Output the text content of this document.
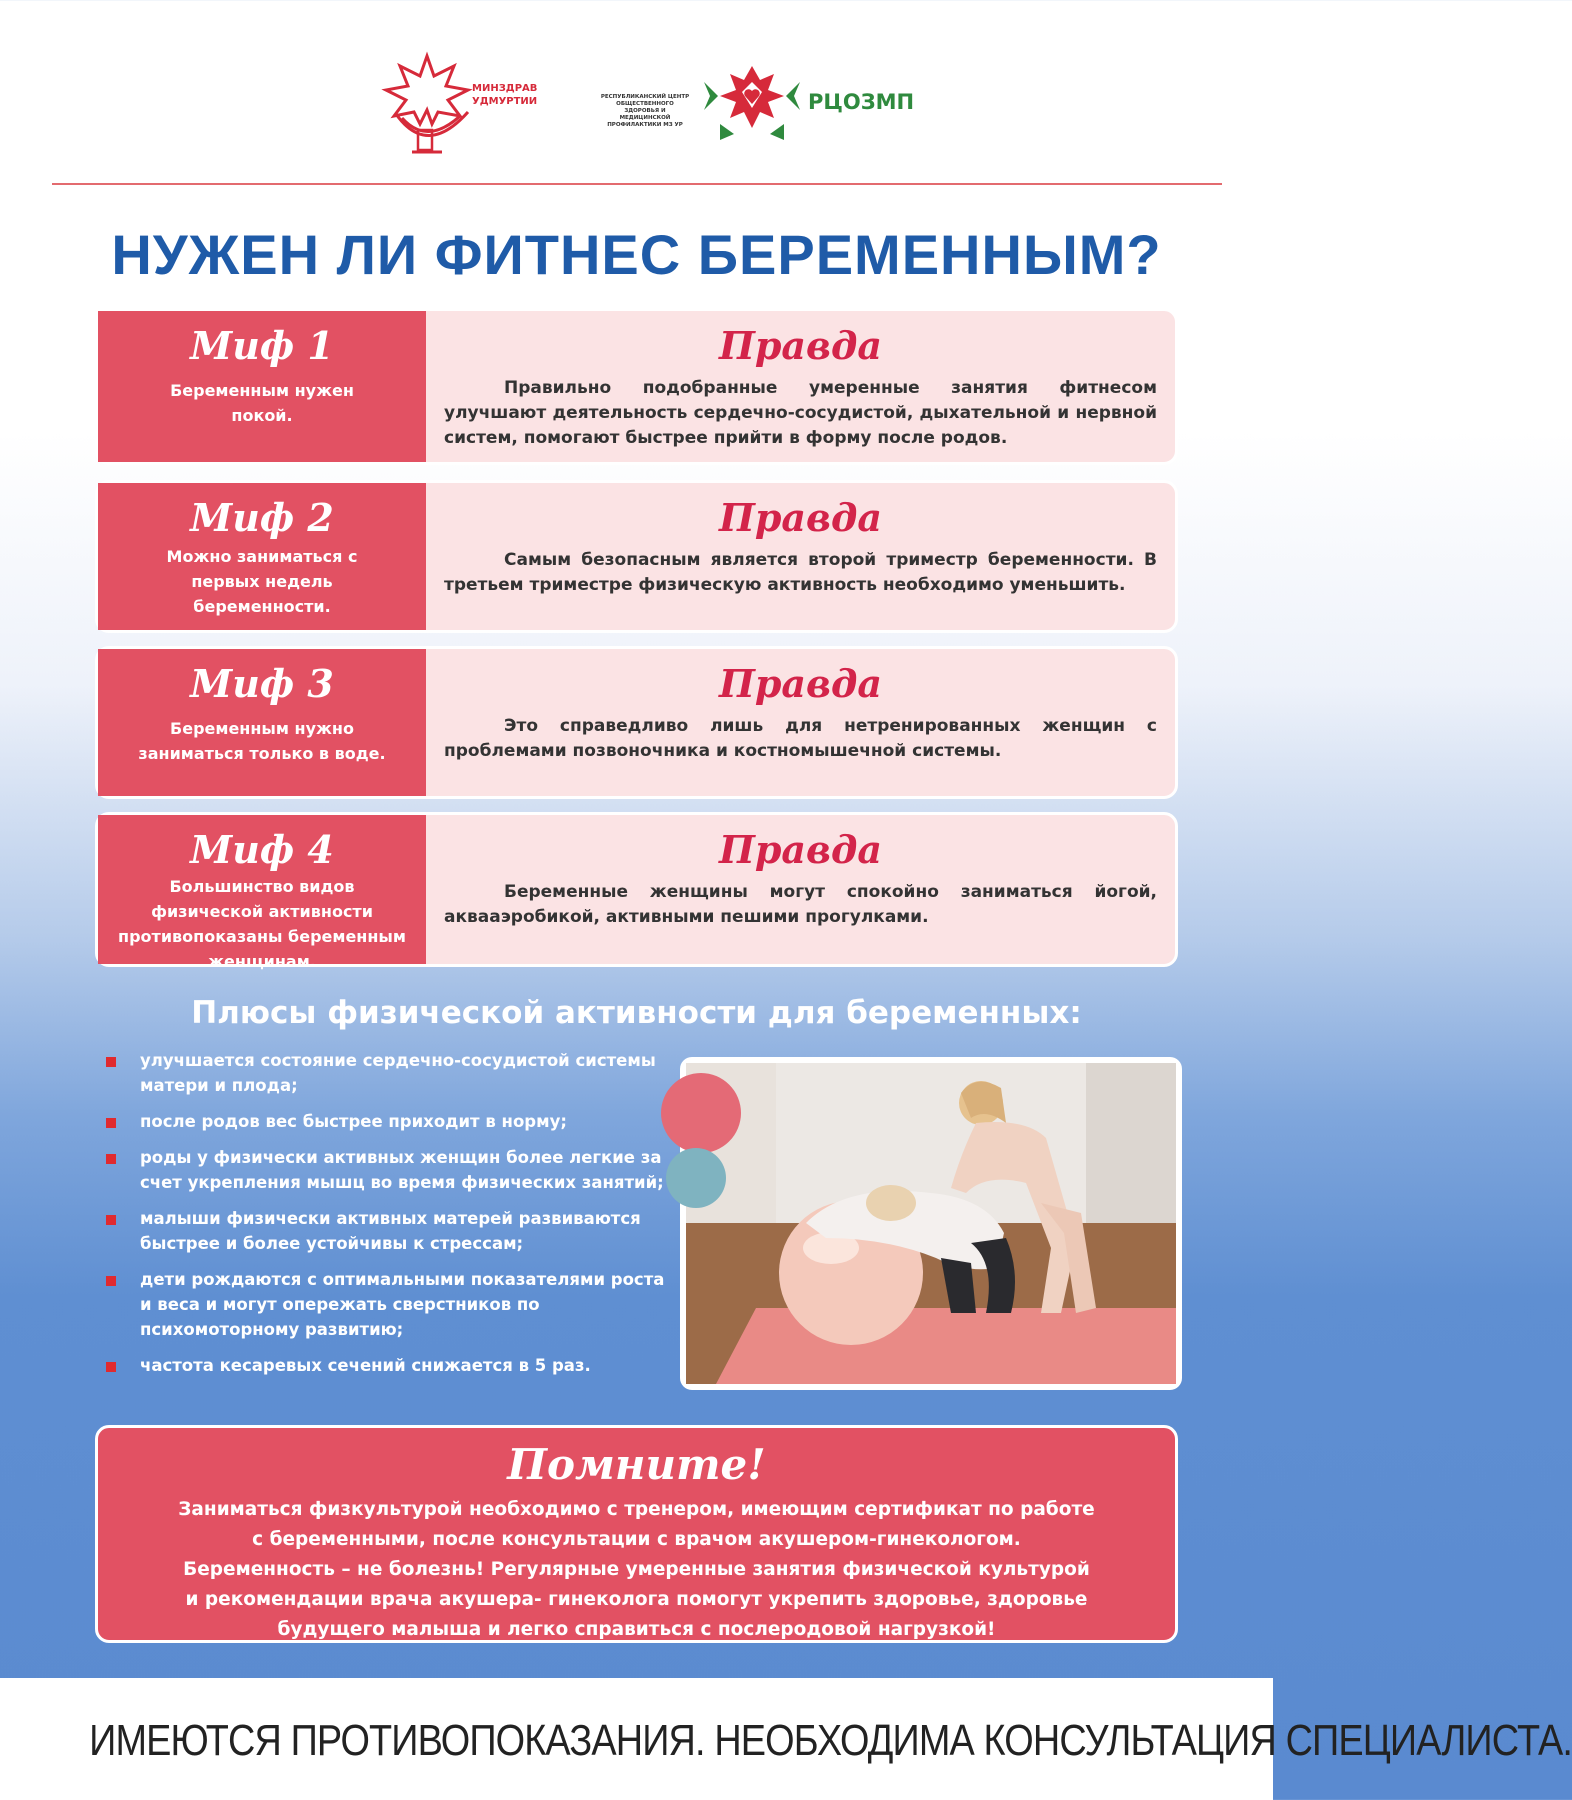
МИНЗДРАВ
УДМУРТИИ	РЕСПУБЛИКАНСКИЙ ЦЕНТР ОБЩЕСТВЕННОГО ЗДОРОВЬЯ И МЕДИЦИНСКОЙ ПРОФИЛАКТИКИ МЗ УР
РЦОЗМП
НУЖЕН ЛИ ФИТНЕС БЕРЕМЕННЫМ?
Миф 1
Беременным нужен покой.
Правда
Правильно подобранные умеренные занятия фитнесом улучшают деятельность сердечно-сосудистой, дыхательной и нервной систем, помогают быстрее прийти в форму после родов.
Миф 2
Можно заниматься с первых недель беременности.
Правда
Самым безопасным является второй триместр беременности. В третьем триместре физическую активность необходимо уменьшить.
Миф 3
Беременным нужно заниматься только в воде.
Правда
Это справедливо лишь для нетренированных женщин с проблемами позвоночника и костномышечной системы.
Миф 4
Большинство видов физической активности противопоказаны беременным женщинам.
Правда
Беременные женщины могут спокойно заниматься йогой, аквааэробикой, активными пешими прогулками.
Плюсы физической активности для беременных:
улучшается состояние сердечно-сосудистой системы матери и плода;
после родов вес быстрее приходит в норму;
роды у физически активных женщин более легкие за счет укрепления мышц во время физических занятий;
малыши физически активных матерей развиваются быстрее и более устойчивы к стрессам;
дети рождаются с оптимальными показателями роста и веса и могут опережать сверстников по психомоторному развитию;
частота кесаревых сечений снижается в 5 раз.
Помните!
Заниматься физкультурой необходимо с тренером, имеющим сертификат по работе
с беременными, после консультации с врачом акушером-гинекологом.
Беременность – не болезнь! Регулярные умеренные занятия физической культурой
и рекомендации врача акушера- гинеколога помогут укрепить здоровье, здоровье
будущего малыша и легко справиться с послеродовой нагрузкой!
ИМЕЮТСЯ ПРОТИВОПОКАЗАНИЯ. НЕОБХОДИМА КОНСУЛЬТАЦИЯ СПЕЦИАЛИСТА.
